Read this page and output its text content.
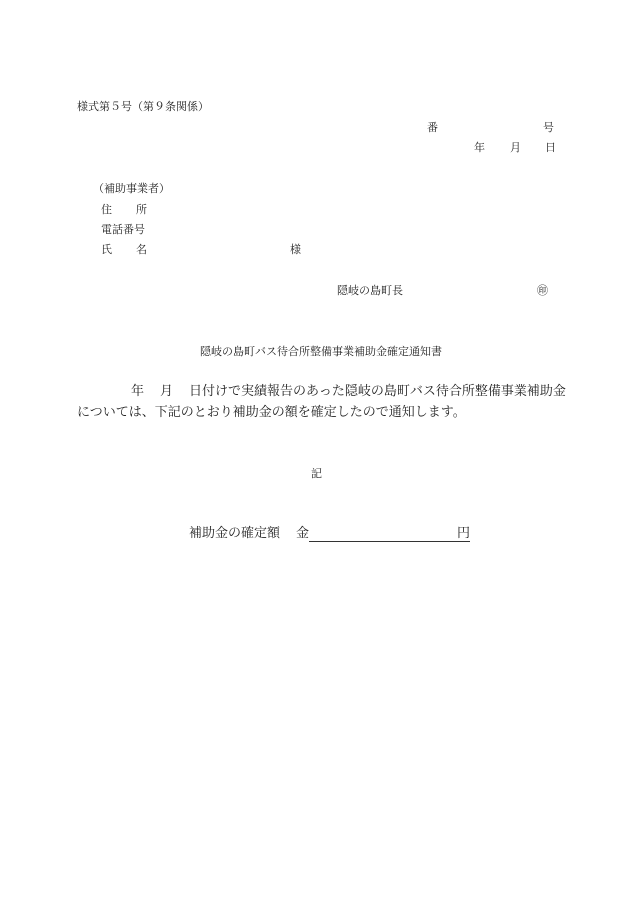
様式第５号（第９条関係）
番	号
年 月 日
（補助事業者）
住 所
電話番号
氏 名	様
隠岐の島町長	㊞
隠岐の島町バス待合所整備事業補助金確定通知書
年 月 日付けで実績報告のあった隠岐の島町バス待合所整備事業補助金
については、下記のとおり補助金の額を確定したので通知します。
記
補助金の確定額 金	円
